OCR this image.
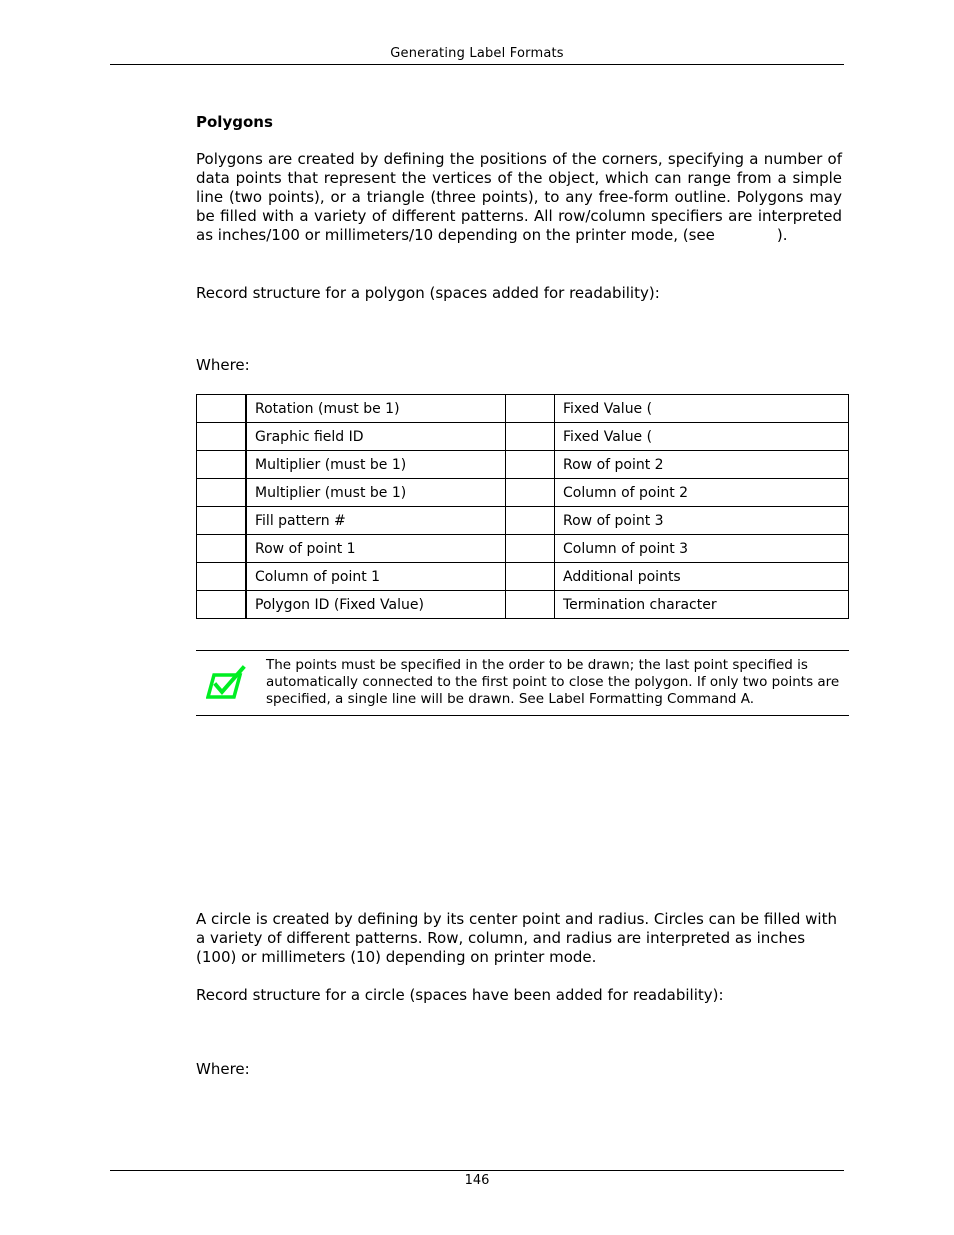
Generating Label Formats
Polygons
Polygons are created by defining the positions of the corners, specifying a number of data points that represent the vertices of the object, which can range from a simple line (two points), or a triangle (three points), to any free-form outline. Polygons may be filled with a variety of different patterns. All row/column specifiers are interpreted as inches/100 or millimeters/10 depending on the printer mode, (see	).
Record structure for a polygon (spaces added for readability):
Where:
	Rotation (must be 1)		Fixed Value (
	Graphic field ID		Fixed Value (
	Multiplier (must be 1)		Row of point 2
	Multiplier (must be 1)		Column of point 2
	Fill pattern #		Row of point 3
	Row of point 1		Column of point 3
	Column of point 1		Additional points
	Polygon ID (Fixed Value)		Termination character
The points must be specified in the order to be drawn; the last point specified is automatically connected to the first point to close the polygon. If only two points are specified, a single line will be drawn. See Label Formatting Command A.
A circle is created by defining by its center point and radius. Circles can be filled with a variety of different patterns. Row, column, and radius are interpreted as inches (100) or millimeters (10) depending on printer mode.
Record structure for a circle (spaces have been added for readability):
Where:
146
